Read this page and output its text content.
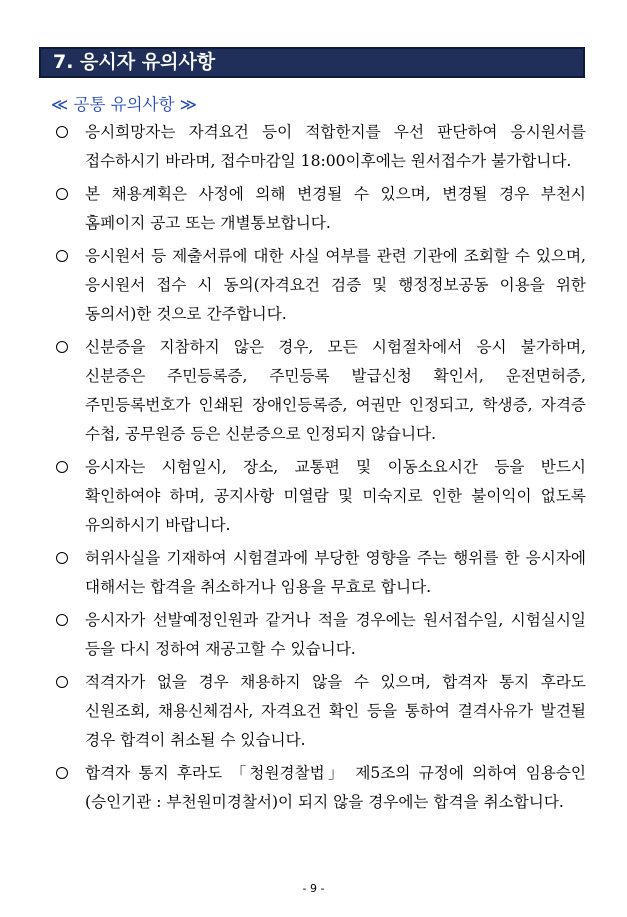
7. 응시자 유의사항
≪ 공통 유의사항 ≫
응시희망자는 자격요건 등이 적합한지를 우선 판단하여 응시원서를 접수하시기 바라며, 접수마감일 18:00이후에는 원서접수가 불가합니다.
본 채용계획은 사정에 의해 변경될 수 있으며, 변경될 경우 부천시 홈페이지 공고 또는 개별통보합니다.
응시원서 등 제출서류에 대한 사실 여부를 관련 기관에 조회할 수 있으며, 응시원서 접수 시 동의(자격요건 검증 및 행정정보공동 이용을 위한 동의서)한 것으로 간주합니다.
신분증을 지참하지 않은 경우, 모든 시험절차에서 응시 불가하며, 신분증은 주민등록증, 주민등록 발급신청 확인서, 운전면허증, 주민등록번호가 인쇄된 장애인등록증, 여권만 인정되고, 학생증, 자격증 수첩, 공무원증 등은 신분증으로 인정되지 않습니다.
응시자는 시험일시, 장소, 교통편 및 이동소요시간 등을 반드시 확인하여야 하며, 공지사항 미열람 및 미숙지로 인한 불이익이 없도록 유의하시기 바랍니다.
허위사실을 기재하여 시험결과에 부당한 영향을 주는 행위를 한 응시자에 대해서는 합격을 취소하거나 임용을 무효로 합니다.
응시자가 선발예정인원과 같거나 적을 경우에는 원서접수일, 시험실시일 등을 다시 정하여 재공고할 수 있습니다.
적격자가 없을 경우 채용하지 않을 수 있으며, 합격자 통지 후라도 신원조회, 채용신체검사, 자격요건 확인 등을 통하여 결격사유가 발견될 경우 합격이 취소될 수 있습니다.
합격자 통지 후라도 「청원경찰법」 제5조의 규정에 의하여 임용승인(승인기관 : 부천원미경찰서)이 되지 않을 경우에는 합격을 취소합니다.
- 9 -
